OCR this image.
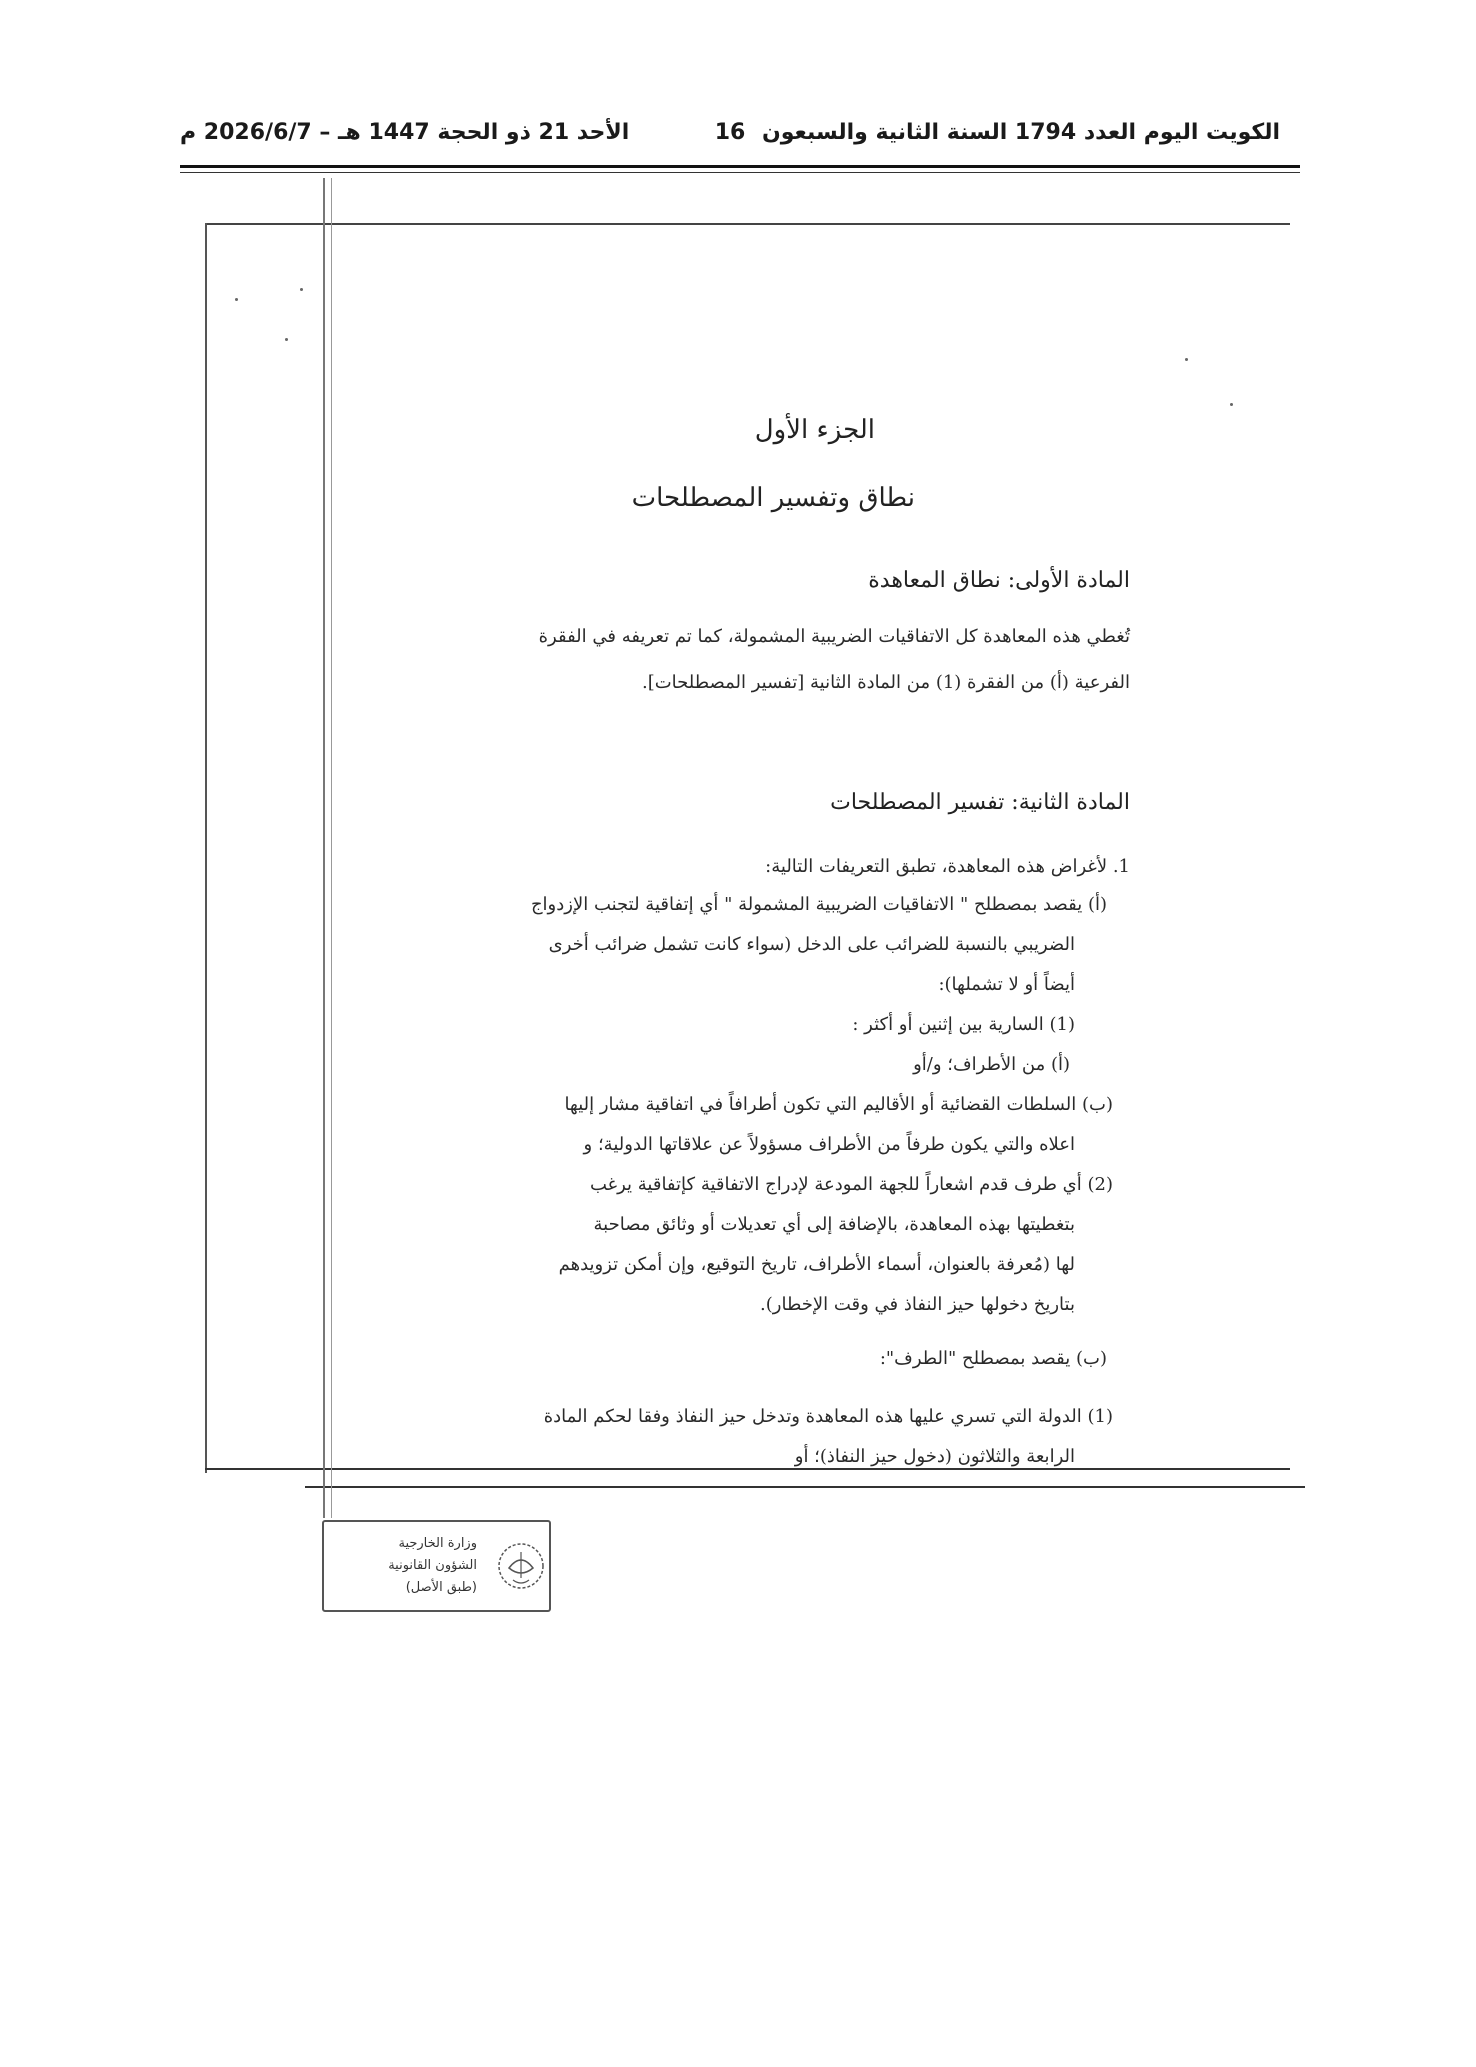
الكويت اليوم العدد 1794 السنة الثانية والسبعون
16
الأحد 21 ذو الحجة 1447 هـ – 2026/6/7 م
الجزء الأول
نطاق وتفسير المصطلحات
المادة الأولى: نطاق المعاهدة
تُغطي هذه المعاهدة كل الاتفاقيات الضريبية المشمولة، كما تم تعريفه في الفقرة
الفرعية (أ) من الفقرة (1) من المادة الثانية [تفسير المصطلحات].
المادة الثانية: تفسير المصطلحات
1. لأغراض هذه المعاهدة، تطبق التعريفات التالية:
(أ) يقصد بمصطلح " الاتفاقيات الضريبية المشمولة " أي إتفاقية لتجنب الإزدواج
الضريبي بالنسبة للضرائب على الدخل (سواء كانت تشمل ضرائب أخرى
أيضاً أو لا تشملها):
(1) السارية بين إثنين أو أكثر :
(أ) من الأطراف؛ و/أو
(ب) السلطات القضائية أو الأقاليم التي تكون أطرافاً في اتفاقية مشار إليها
اعلاه والتي يكون طرفاً من الأطراف مسؤولاً عن علاقاتها الدولية؛ و
(2) أي طرف قدم اشعاراً للجهة المودعة لإدراج الاتفاقية كإتفاقية يرغب
بتغطيتها بهذه المعاهدة، بالإضافة إلى أي تعديلات أو وثائق مصاحبة
لها (مُعرفة بالعنوان، أسماء الأطراف، تاريخ التوقيع، وإن أمكن تزويدهم
بتاريخ دخولها حيز النفاذ في وقت الإخطار).
(ب) يقصد بمصطلح "الطرف":
(1) الدولة التي تسري عليها هذه المعاهدة وتدخل حيز النفاذ وفقا لحكم المادة
الرابعة والثلاثون (دخول حيز النفاذ)؛ أو
وزارة الخارجية
الشؤون القانونية
(طبق الأصل)
